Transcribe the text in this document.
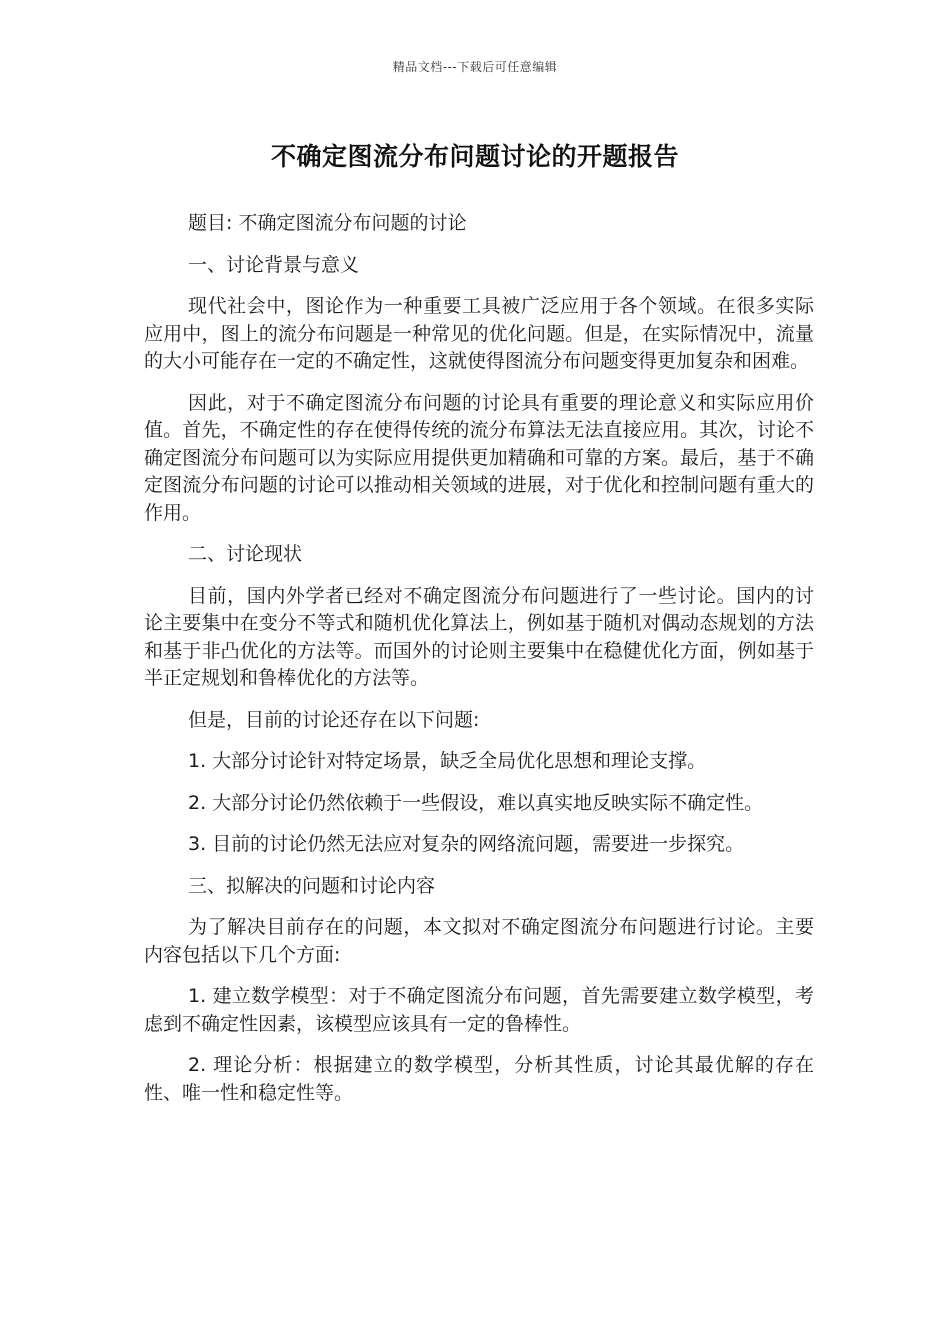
精品文档---下载后可任意编辑
不确定图流分布问题讨论的开题报告

题目: 不确定图流分布问题的讨论

一、讨论背景与意义

现代社会中，图论作为一种重要工具被广泛应用于各个领域。在很多实际应用中，图上的流分布问题是一种常见的优化问题。但是，在实际情况中，流量的大小可能存在一定的不确定性，这就使得图流分布问题变得更加复杂和困难。

因此，对于不确定图流分布问题的讨论具有重要的理论意义和实际应用价值。首先，不确定性的存在使得传统的流分布算法无法直接应用。其次，讨论不确定图流分布问题可以为实际应用提供更加精确和可靠的方案。最后，基于不确定图流分布问题的讨论可以推动相关领域的进展，对于优化和控制问题有重大的作用。

二、讨论现状

目前，国内外学者已经对不确定图流分布问题进行了一些讨论。国内的讨论主要集中在变分不等式和随机优化算法上，例如基于随机对偶动态规划的方法和基于非凸优化的方法等。而国外的讨论则主要集中在稳健优化方面，例如基于半正定规划和鲁棒优化的方法等。

但是，目前的讨论还存在以下问题:

1. 大部分讨论针对特定场景，缺乏全局优化思想和理论支撑。

2. 大部分讨论仍然依赖于一些假设，难以真实地反映实际不确定性。

3. 目前的讨论仍然无法应对复杂的网络流问题，需要进一步探究。

三、拟解决的问题和讨论内容

为了解决目前存在的问题，本文拟对不确定图流分布问题进行讨论。主要内容包括以下几个方面:

1. 建立数学模型：对于不确定图流分布问题，首先需要建立数学模型，考虑到不确定性因素，该模型应该具有一定的鲁棒性。

2. 理论分析：根据建立的数学模型，分析其性质，讨论其最优解的存在性、唯一性和稳定性等。
